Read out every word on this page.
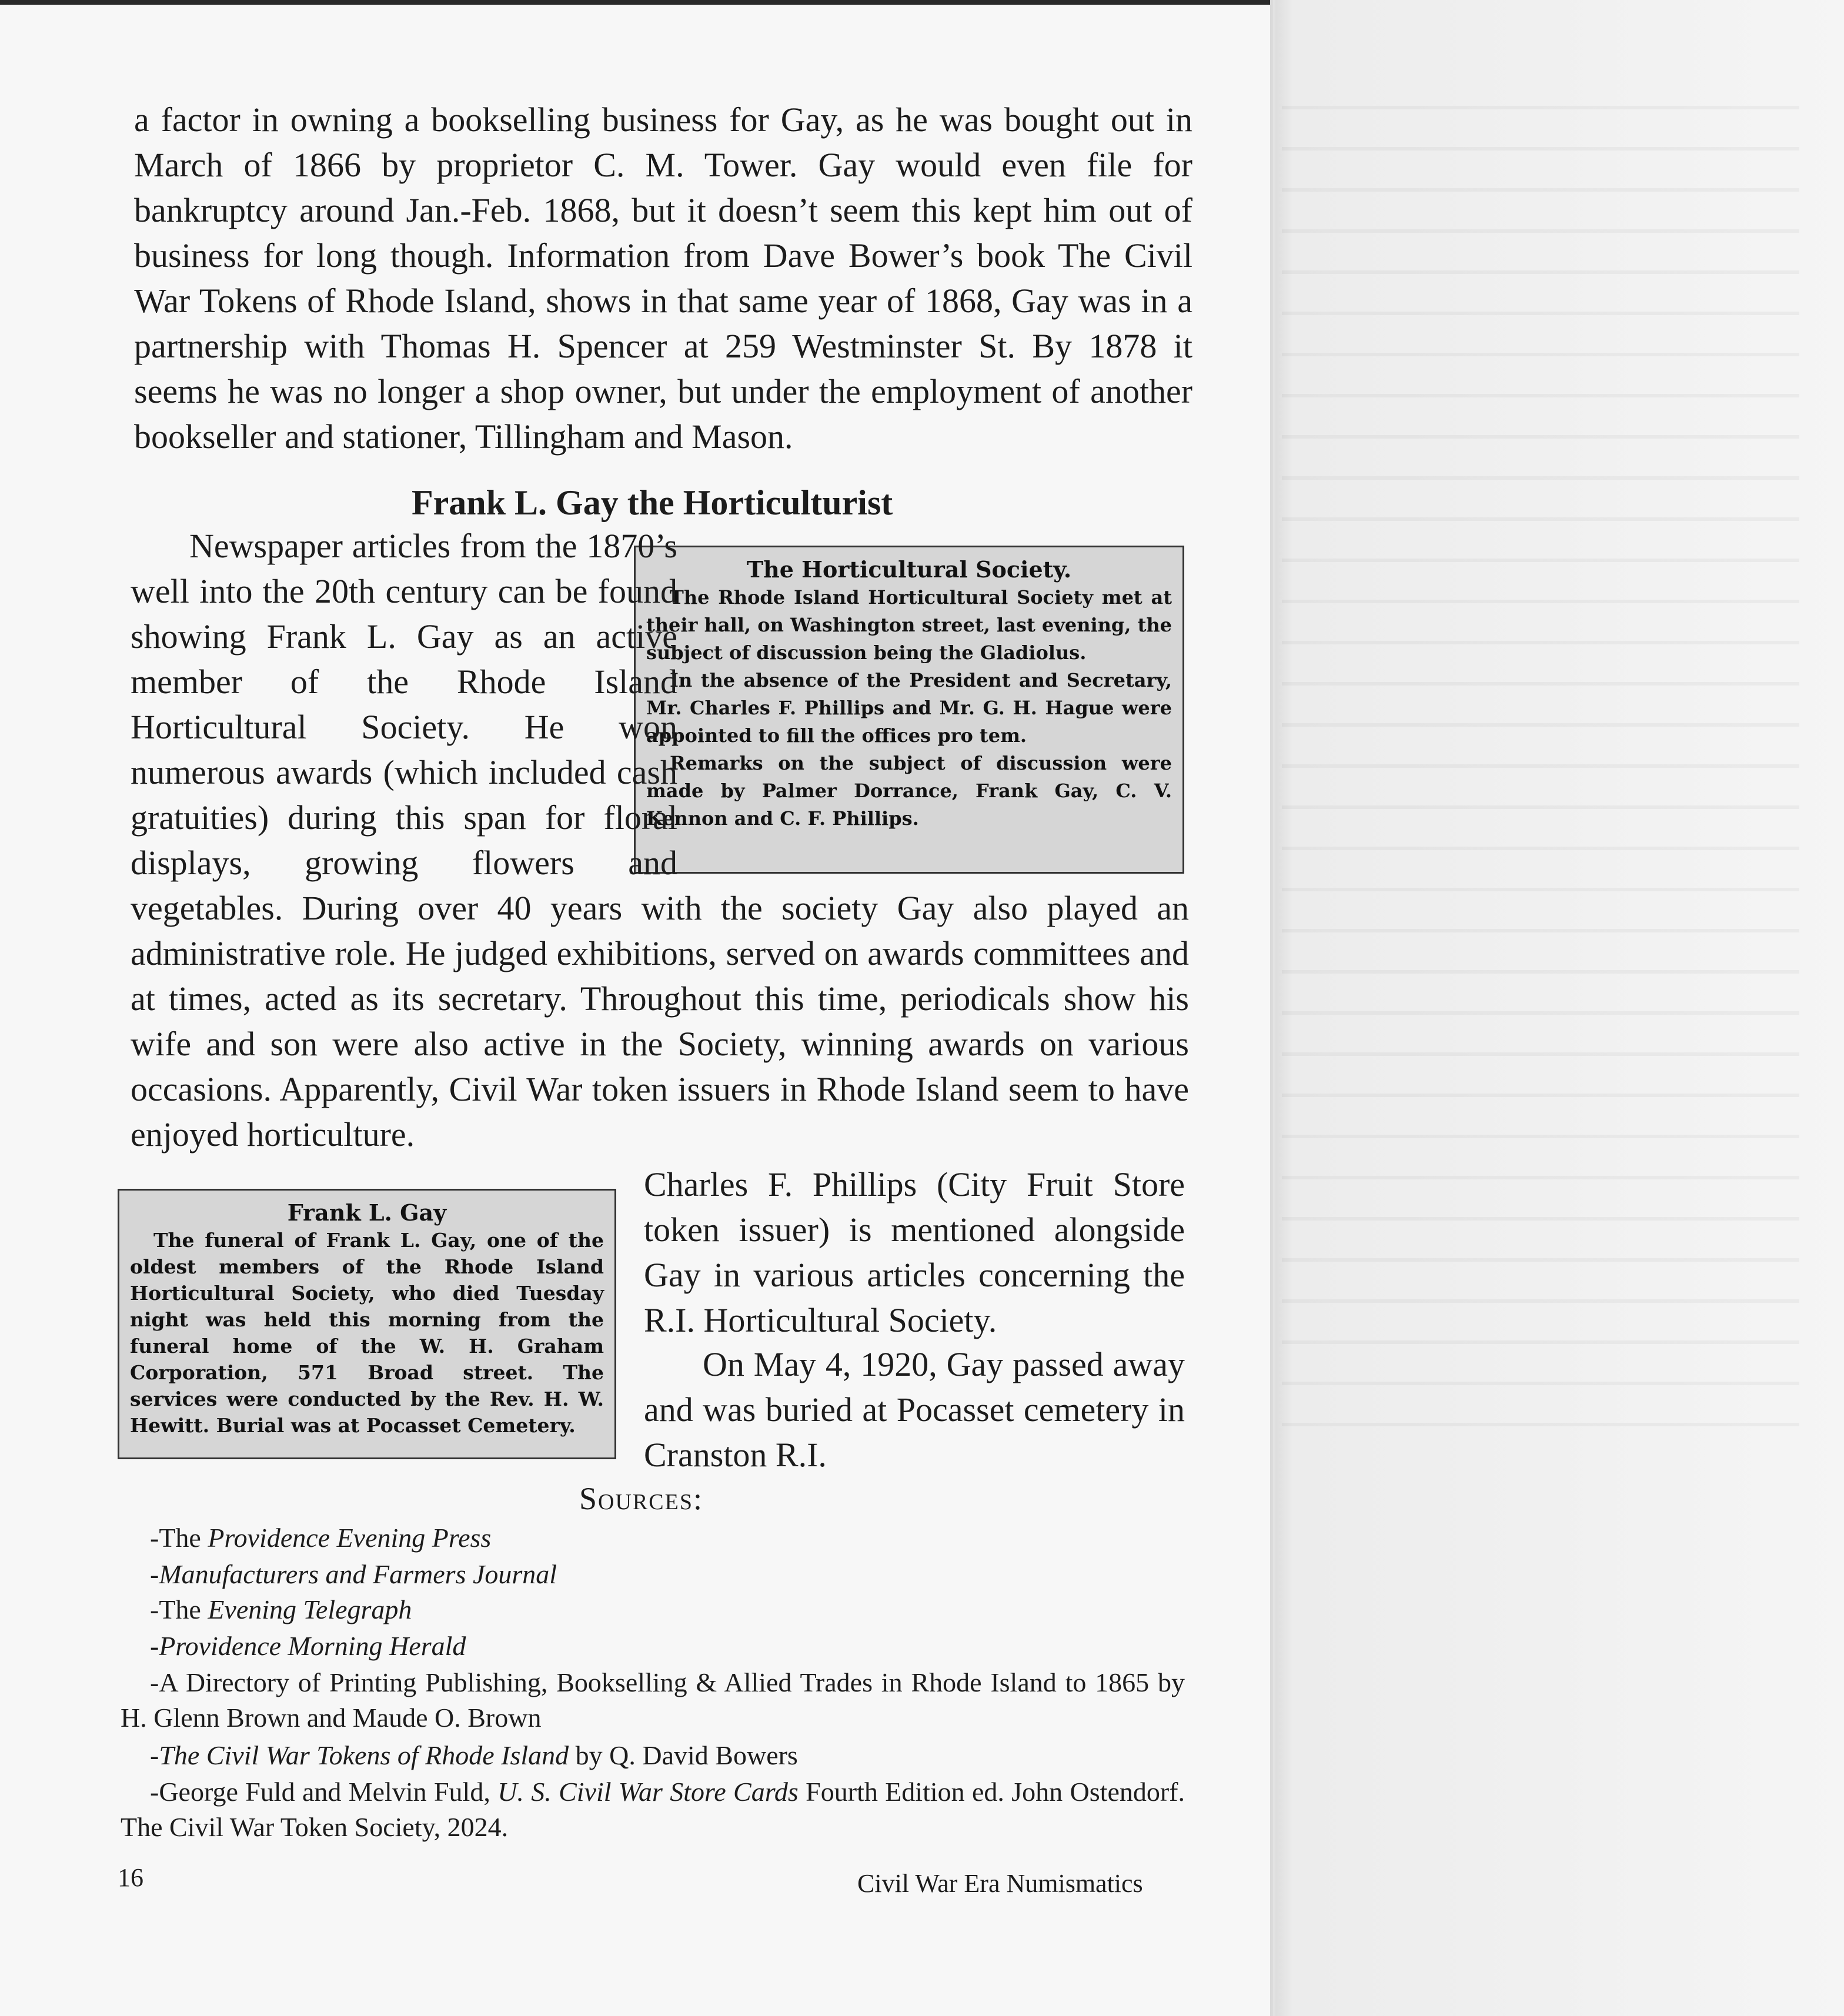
a factor in owning a bookselling business for Gay, as he was bought out in March of 1866 by proprietor C. M. Tower. Gay would even file for bankruptcy around Jan.-Feb. 1868, but it doesn’t seem this kept him out of business for long though. Information from Dave Bower’s book The Civil War Tokens of Rhode Island, shows in that same year of 1868, Gay was in a partnership with Thomas H. Spencer at 259 Westminster St. By 1878 it seems he was no longer a shop owner, but under the employment of another bookseller and stationer, Tillingham and Mason.
Frank L. Gay the Horticulturist
The Horticultural Society.

The Rhode Island Horticultural Society met at their hall, on Washington street, last evening, the subject of discussion being the Gladiolus.

In the absence of the President and Secretary, Mr. Charles F. Phillips and Mr. G. H. Hague were appointed to fill the offices pro tem.

Remarks on the subject of discussion were made by Palmer Dorrance, Frank Gay, C. V. Kennon and C. F. Phillips.

Newspaper articles from the 1870’s well into the 20th century can be found showing Frank L. Gay as an active member of the Rhode Island Horticultural Society. He won numerous awards (which included cash gratuities) during this span for floral displays, growing flowers and vegetables. During over 40 years with the society Gay also played an administrative role. He judged exhibitions, served on awards committees and at times, acted as its secretary. Throughout this time, periodicals show his wife and son were also active in the Society, winning awards on various occasions. Apparently, Civil War token issuers in Rhode Island seem to have enjoyed horticulture.
Frank L. Gay

The funeral of Frank L. Gay, one of the oldest members of the Rhode Island Horticultural Society, who died Tuesday night was held this morning from the funeral home of the W. H. Graham Corporation, 571 Broad street. The services were conducted by the Rev. H. W. Hewitt. Burial was at Pocasset Cemetery.

Charles F. Phillips (City Fruit Store token issuer) is mentioned alongside Gay in various articles concerning the R.I. Horticultural Society.
On May 4, 1920, Gay passed away and was buried at Pocasset cemetery in Cranston R.I.
Sources:
-The Providence Evening Press
-Manufacturers and Farmers Journal
-The Evening Telegraph
-Providence Morning Herald
-A Directory of Printing Publishing, Bookselling & Allied Trades in Rhode Island to 1865 by H. Glenn Brown and Maude O. Brown
-The Civil War Tokens of Rhode Island by Q. David Bowers
-George Fuld and Melvin Fuld, U. S. Civil War Store Cards Fourth Edition ed. John Ostendorf. The Civil War Token Society, 2024.
16	Civil War Era Numismatics
